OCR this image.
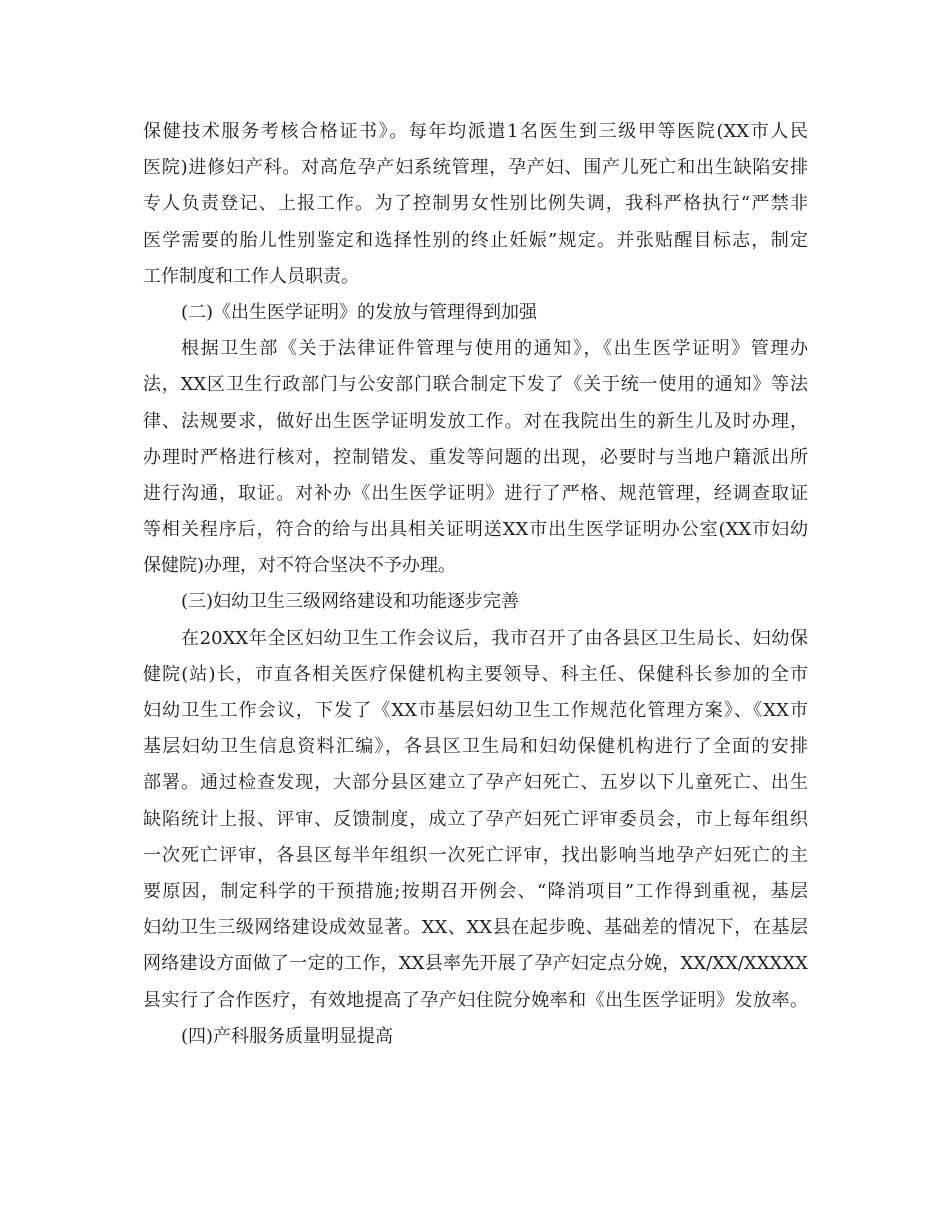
保健技术服务考核合格证书》。每年均派遣1名医生到三级甲等医院(XX市人民
医院)进修妇产科。对高危孕产妇系统管理，孕产妇、围产儿死亡和出生缺陷安排
专人负责登记、上报工作。为了控制男女性别比例失调，我科严格执行“严禁非
医学需要的胎儿性别鉴定和选择性别的终止妊娠”规定。并张贴醒目标志，制定
工作制度和工作人员职责。
(二)《出生医学证明》的发放与管理得到加强
根据卫生部《关于法律证件管理与使用的通知》，《出生医学证明》管理办
法，XX区卫生行政部门与公安部门联合制定下发了《关于统一使用的通知》等法
律、法规要求，做好出生医学证明发放工作。对在我院出生的新生儿及时办理，
办理时严格进行核对，控制错发、重发等问题的出现，必要时与当地户籍派出所
进行沟通，取证。对补办《出生医学证明》进行了严格、规范管理，经调查取证
等相关程序后，符合的给与出具相关证明送XX市出生医学证明办公室(XX市妇幼
保健院)办理，对不符合坚决不予办理。
(三)妇幼卫生三级网络建设和功能逐步完善
在20XX年全区妇幼卫生工作会议后，我市召开了由各县区卫生局长、妇幼保
健院(站)长，市直各相关医疗保健机构主要领导、科主任、保健科长参加的全市
妇幼卫生工作会议，下发了《XX市基层妇幼卫生工作规范化管理方案》、《XX市
基层妇幼卫生信息资料汇编》，各县区卫生局和妇幼保健机构进行了全面的安排
部署。通过检查发现，大部分县区建立了孕产妇死亡、五岁以下儿童死亡、出生
缺陷统计上报、评审、反馈制度，成立了孕产妇死亡评审委员会，市上每年组织
一次死亡评审，各县区每半年组织一次死亡评审，找出影响当地孕产妇死亡的主
要原因，制定科学的干预措施;按期召开例会、“降消项目”工作得到重视，基层
妇幼卫生三级网络建设成效显著。XX、XX县在起步晚、基础差的情况下，在基层
网络建设方面做了一定的工作，XX县率先开展了孕产妇定点分娩，XX/XX/XXXXX
县实行了合作医疗，有效地提高了孕产妇住院分娩率和《出生医学证明》发放率。
(四)产科服务质量明显提高
